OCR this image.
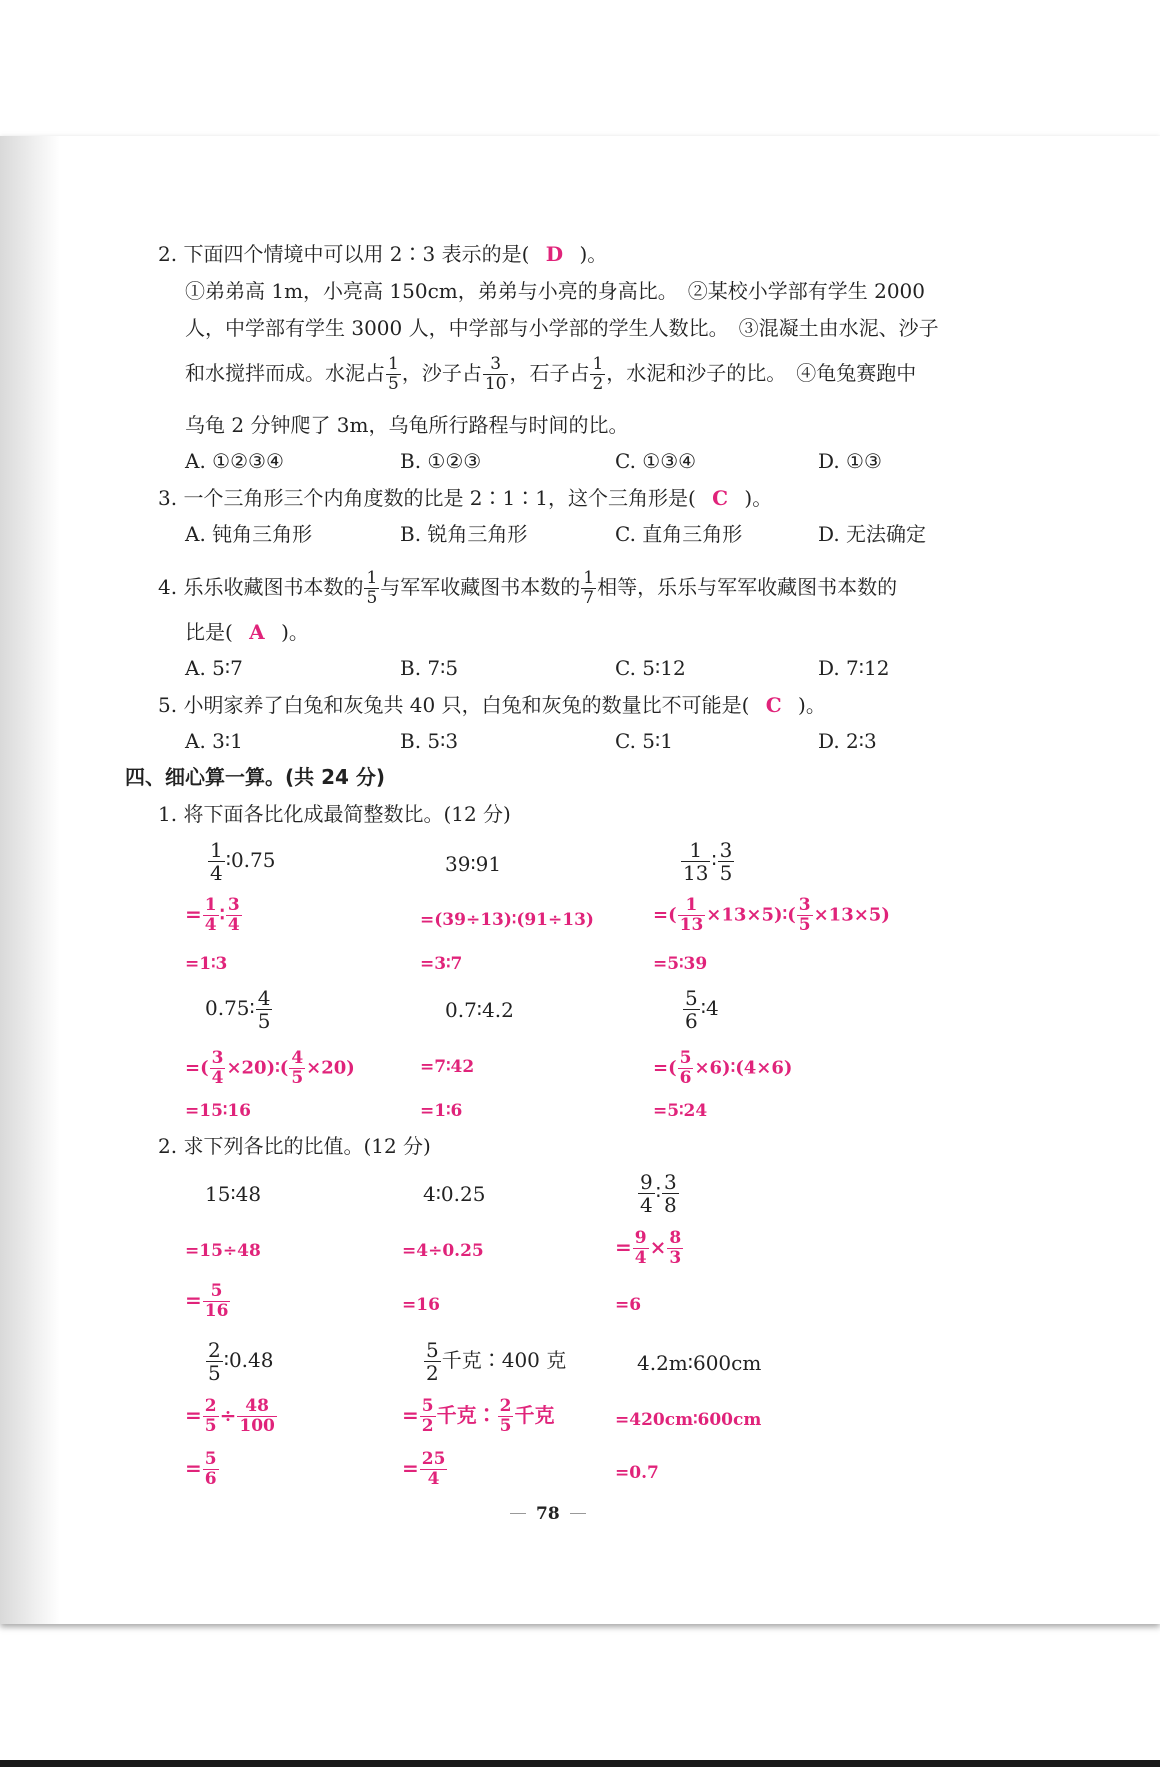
2. 下面四个情境中可以用 2∶3 表示的是( D )。
①弟弟高 1m，小亮高 150cm，弟弟与小亮的身高比。　②某校小学部有学生 2000
人，中学部有学生 3000 人，中学部与小学部的学生人数比。　③混凝土由水泥、沙子
和水搅拌而成。水泥占 $\frac{1}{5}$ ，沙子占 $\frac{3}{10}$ ，石子占 $\frac{1}{2}$ ，水泥和沙子的比。　④龟兔赛跑中
乌龟 2 分钟爬了 3m，乌龟所行路程与时间的比。
A. ①②③④	B. ①②③	C. ①③④	D. ①③
3. 一个三角形三个内角度数的比是 2∶1∶1，这个三角形是( C )。
A. 钝角三角形	B. 锐角三角形	C. 直角三角形	D. 无法确定
4. 乐乐收藏图书本数的 $\frac{1}{5}$ 与军军收藏图书本数的 $\frac{1}{7}$ 相等，乐乐与军军收藏图书本数的
比是( A )。
A. 5∶7	B. 7∶5	C. 5∶12	D. 7∶12
5. 小明家养了白兔和灰兔共 40 只，白兔和灰兔的数量比不可能是( C )。
A. 3∶1	B. 5∶3	C. 5∶1	D. 2∶3
四、细心算一算。(共 24 分)
1. 将下面各比化成最简整数比。(12 分)
$\frac{1}{4}$ ∶0.75	39∶91	$\frac{1}{13}$ ∶ $\frac{3}{5}$
= $\frac{1}{4}$ ∶ $\frac{3}{4}$	=(39÷13)∶(91÷13)	=( $\frac{1}{13}$ ×13×5)∶( $\frac{3}{5} \times 13\times 5$)
=1∶3	=3∶7	=5∶39
0.75∶ $\frac{4}{5}$	0.7∶4.2	$\frac{5}{6}$ ∶4
=( $\frac{3}{4}$ ×20)∶( $\frac{4}{5} \times 20$)	=7∶42	=( $\frac{5}{6}$ ×6)∶(4×6)
=15∶16	=1∶6	=5∶24
2. 求下列各比的比值。(12 分)
15∶48	4∶0.25	$\frac{9}{4}$ ∶ $\frac{3}{8}$
=15÷48	=4÷0.25	= $\frac{9}{4} \times \frac{8}{3}$
= $\frac{5}{16}$	=16	=6
$\frac{2}{5}$ ∶0.48	$\frac{5}{2}$ 千克∶400 克	4.2m∶600cm
= $\frac{2}{5} \div \frac{48}{100}$	= $\frac{5}{2}$ 千克∶ $\frac{2}{5}$ 千克	=420cm∶600cm
= $\frac{5}{6}$	= $\frac{25}{4}$	=0.7
78
